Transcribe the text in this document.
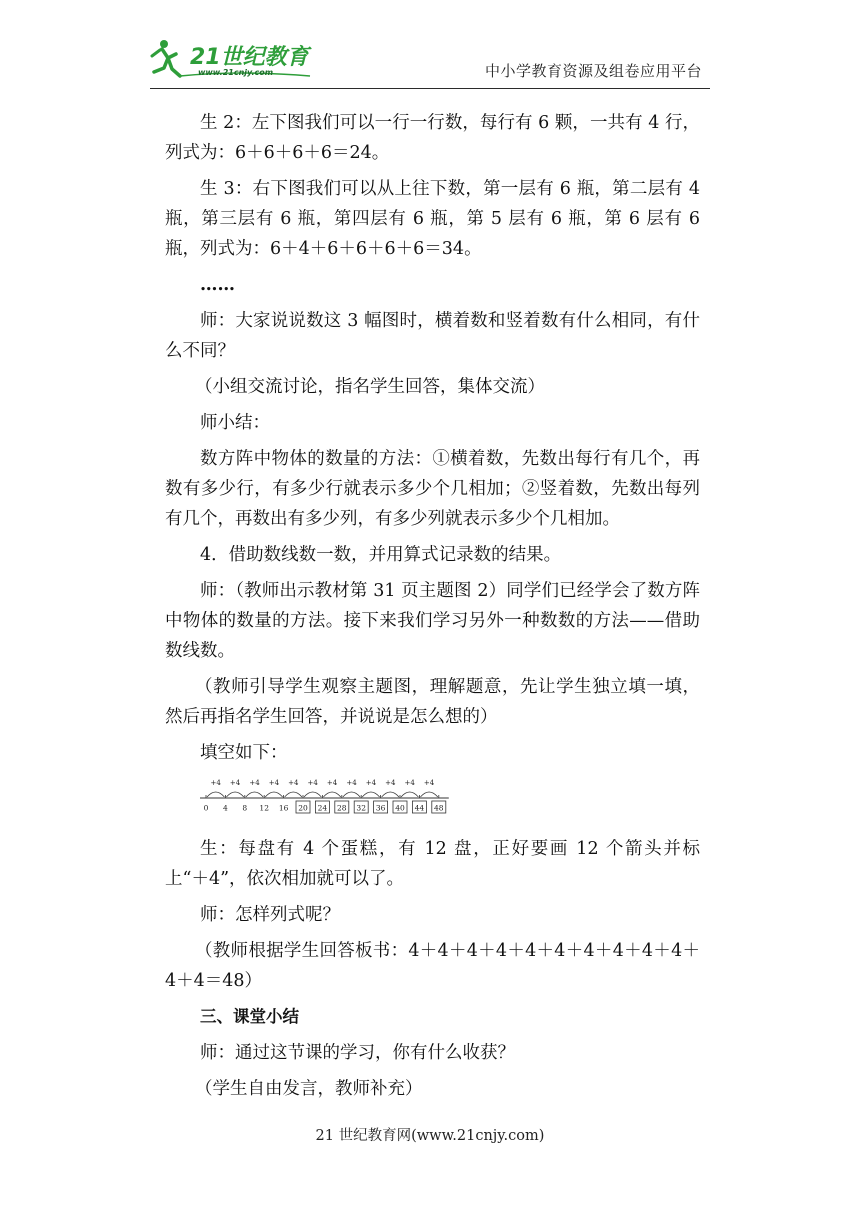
21世纪教育
www.21cnjy.com	中小学教育资源及组卷应用平台

生 2：左下图我们可以一行一行数，每行有 6 颗，一共有 4 行，列式为：6＋6＋6＋6＝24。

生 3：右下图我们可以从上往下数，第一层有 6 瓶，第二层有 4 瓶，第三层有 6 瓶，第四层有 6 瓶，第 5 层有 6 瓶，第 6 层有 6 瓶，列式为：6＋4＋6＋6＋6＋6＝34。

……

师：大家说说数这 3 幅图时，横着数和竖着数有什么相同，有什么不同？

（小组交流讨论，指名学生回答，集体交流）

师小结：

数方阵中物体的数量的方法：①横着数，先数出每行有几个，再数有多少行，有多少行就表示多少个几相加；②竖着数，先数出每列有几个，再数出有多少列，有多少列就表示多少个几相加。

4．借助数线数一数，并用算式记录数的结果。

师：（教师出示教材第 31 页主题图 2）同学们已经学会了数方阵中物体的数量的方法。接下来我们学习另外一种数数的方法——借助数线数。

（教师引导学生观察主题图，理解题意，先让学生独立填一填，然后再指名学生回答，并说说是怎么想的）

填空如下：

0
+4
4
+4
8
+4
12
+4
16
+4
20
+4
24
+4
28
+4
32
+4
36
+4
40
+4
44
+4
48

生：每盘有 4 个蛋糕，有 12 盘，正好要画 12 个箭头并标上“＋4”，依次相加就可以了。

师：怎样列式呢？

（教师根据学生回答板书：4＋4＋4＋4＋4＋4＋4＋4＋4＋4＋4＋4＝48）

三、课堂小结

师：通过这节课的学习，你有什么收获？

（学生自由发言，教师补充）

21 世纪教育网(www.21cnjy.com)
